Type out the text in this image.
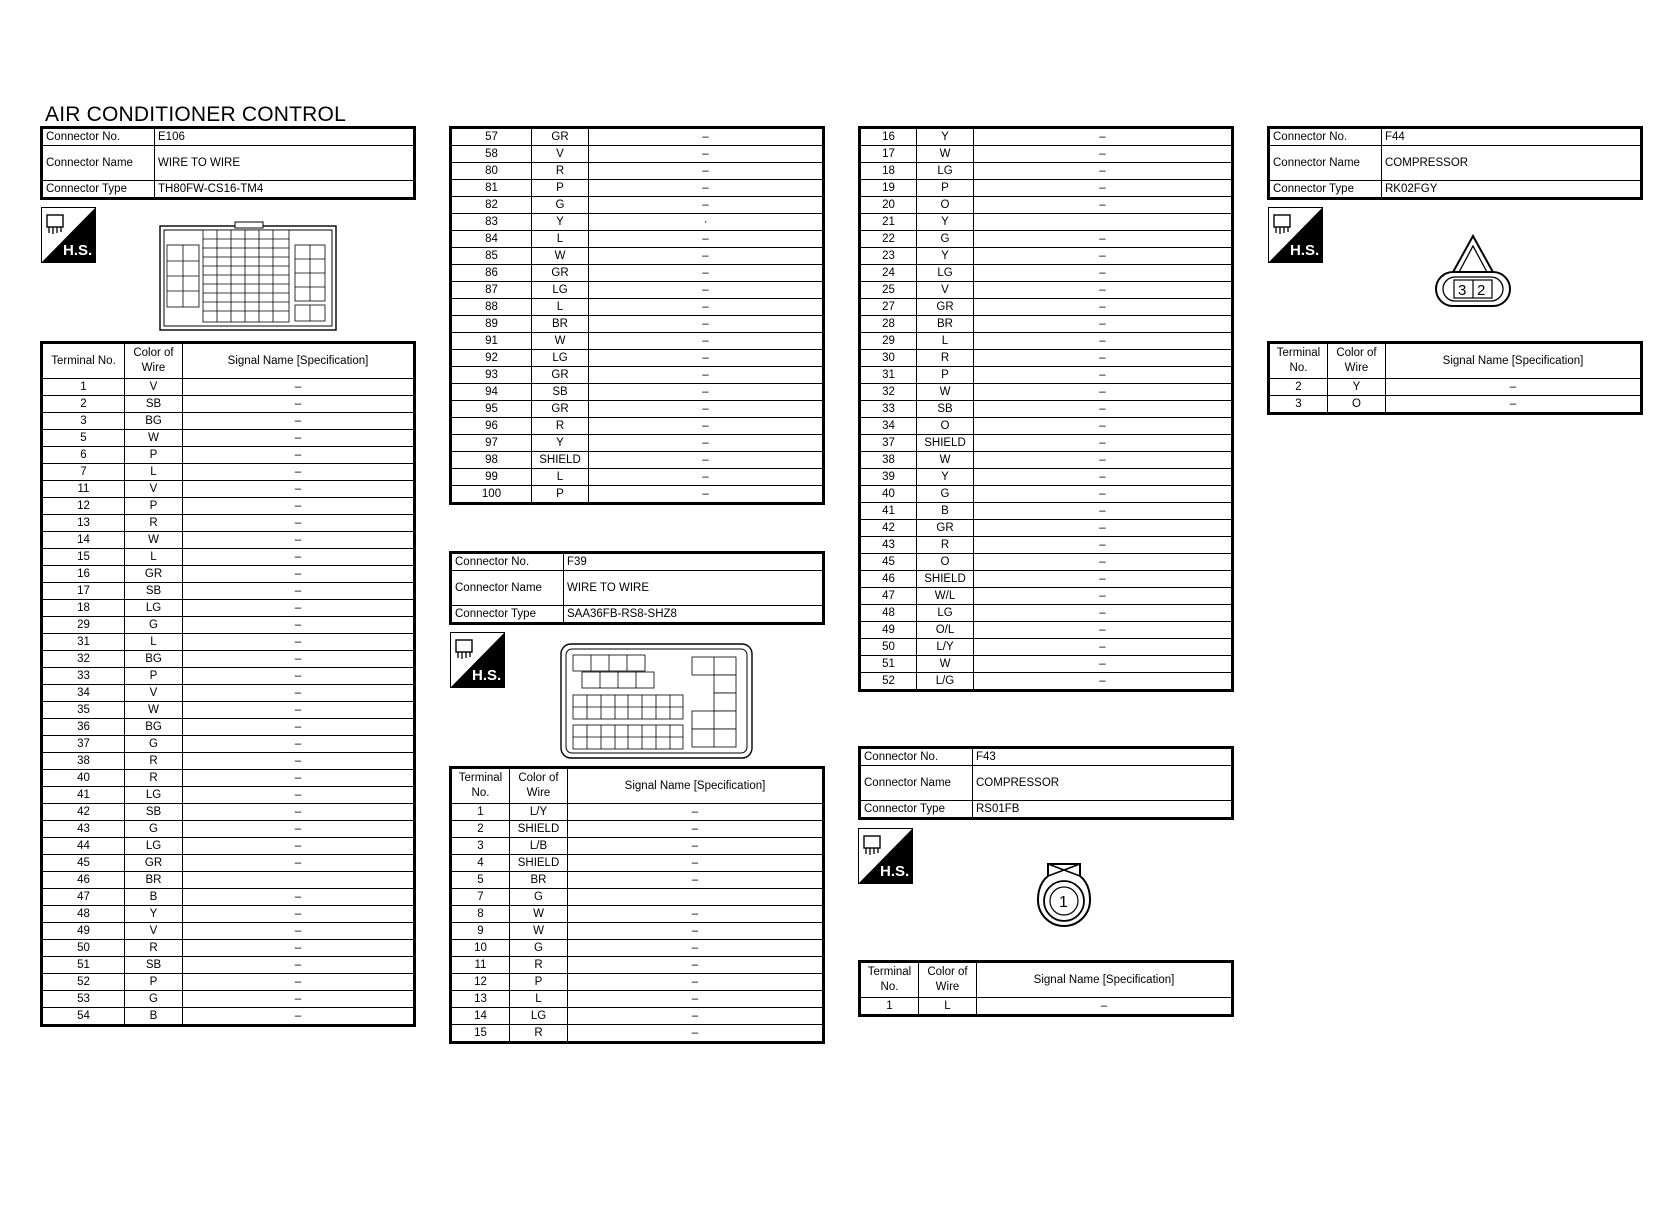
AIR CONDITIONER CONTROL
Connector No.	E106
Connector Name	WIRE TO WIRE
Connector Type	TH80FW-CS16-TM4
H.S.
Terminal No.	Color of Wire	Signal Name [Specification]
1	V	–
2	SB	–
3	BG	–
5	W	–
6	P	–
7	L	–
11	V	–
12	P	–
13	R	–
14	W	–
15	L	–
16	GR	–
17	SB	–
18	LG	–
29	G	–
31	L	–
32	BG	–
33	P	–
34	V	–
35	W	–
36	BG	–
37	G	–
38	R	–
40	R	–
41	LG	–
42	SB	–
43	G	–
44	LG	–
45	GR	–
46	BR	
47	B	–
48	Y	–
49	V	–
50	R	–
51	SB	–
52	P	–
53	G	–
54	B	–
57	GR	–
58	V	–
80	R	–
81	P	–
82	G	–
83	Y	·
84	L	–
85	W	–
86	GR	–
87	LG	–
88	L	–
89	BR	–
91	W	–
92	LG	–
93	GR	–
94	SB	–
95	GR	–
96	R	–
97	Y	–
98	SHIELD	–
99	L	–
100	P	–
Connector No.	F39
Connector Name	WIRE TO WIRE
Connector Type	SAA36FB-RS8-SHZ8
H.S.
Terminal No.	Color of Wire	Signal Name [Specification]
1	L/Y	–
2	SHIELD	–
3	L/B	–
4	SHIELD	–
5	BR	–
7	G	
8	W	–
9	W	–
10	G	–
11	R	–
12	P	–
13	L	–
14	LG	–
15	R	–
16	Y	–
17	W	–
18	LG	–
19	P	–
20	O	–
21	Y	
22	G	–
23	Y	–
24	LG	–
25	V	–
27	GR	–
28	BR	–
29	L	–
30	R	–
31	P	–
32	W	–
33	SB	–
34	O	–
37	SHIELD	–
38	W	–
39	Y	–
40	G	–
41	B	–
42	GR	–
43	R	–
45	O	–
46	SHIELD	–
47	W/L	–
48	LG	–
49	O/L	–
50	L/Y	–
51	W	–
52	L/G	–
Connector No.	F43
Connector Name	COMPRESSOR
Connector Type	RS01FB
H.S.
1
Terminal No.	Color of Wire	Signal Name [Specification]
1	L	–
Connector No.	F44
Connector Name	COMPRESSOR
Connector Type	RK02FGY
H.S.
3 2
Terminal No.	Color of Wire	Signal Name [Specification]
2	Y	–
3	O	–
